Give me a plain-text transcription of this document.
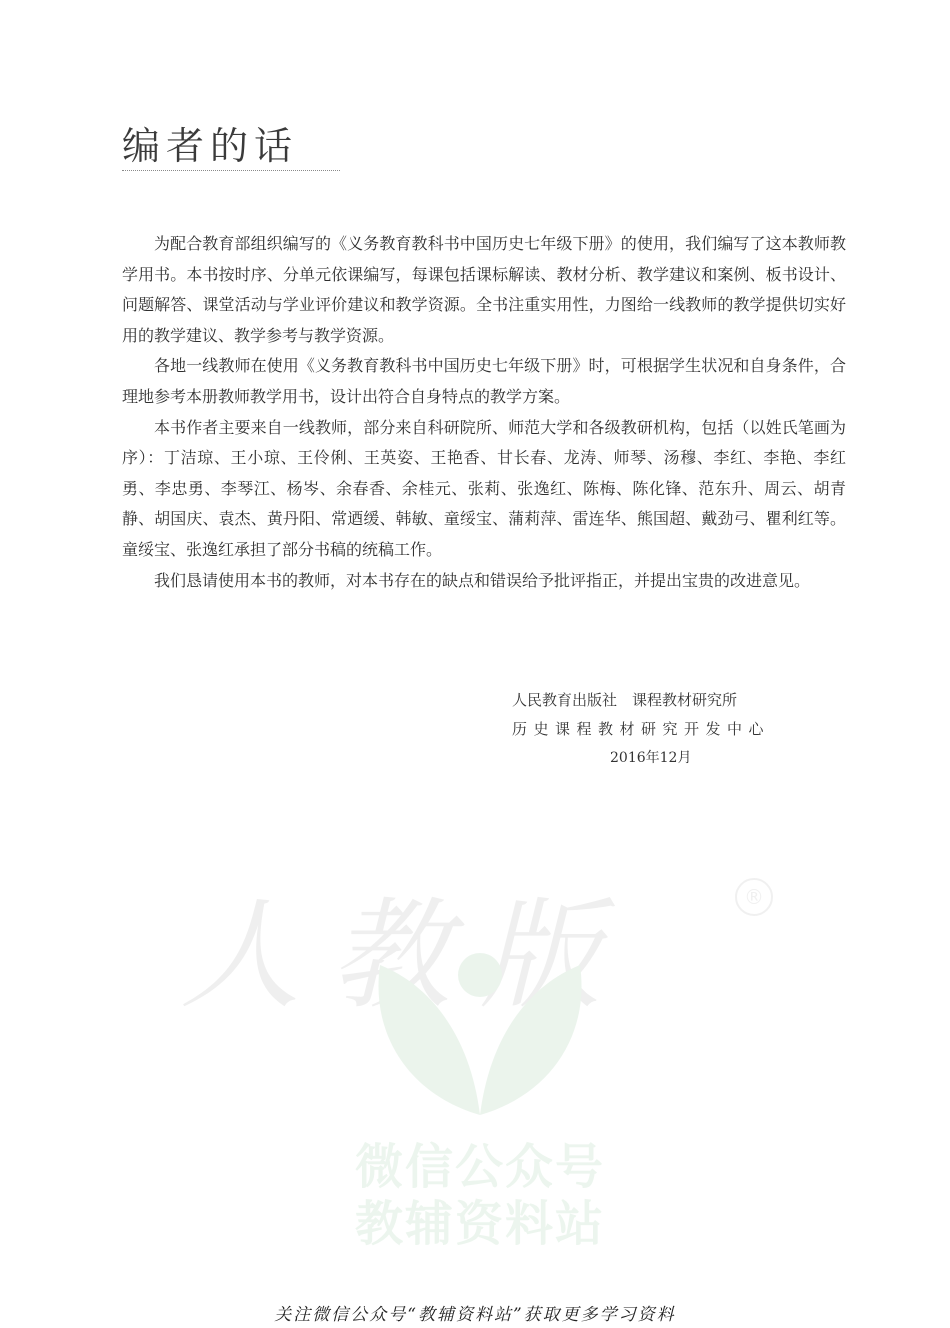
编者的话
人教版	®
微信公众号
教辅资料站

为配合教育部组织编写的《义务教育教科书中国历史七年级下册》的使用，我们编写了这本教师教学用书。本书按时序、分单元依课编写，每课包括课标解读、教材分析、教学建议和案例、板书设计、问题解答、课堂活动与学业评价建议和教学资源。全书注重实用性，力图给一线教师的教学提供切实好用的教学建议、教学参考与教学资源。

各地一线教师在使用《义务教育教科书中国历史七年级下册》时，可根据学生状况和自身条件，合理地参考本册教师教学用书，设计出符合自身特点的教学方案。

本书作者主要来自一线教师，部分来自科研院所、师范大学和各级教研机构，包括（以姓氏笔画为序）：丁洁琼、王小琼、王伶俐、王英姿、王艳香、甘长春、龙涛、师琴、汤穆、李红、李艳、李红勇、李忠勇、李琴江、杨岑、余春香、余桂元、张莉、张逸红、陈梅、陈化锋、范东升、周云、胡青静、胡国庆、袁杰、黄丹阳、常迺缓、韩敏、童绥宝、蒲莉萍、雷连华、熊国超、戴劲弓、瞿利红等。童绥宝、张逸红承担了部分书稿的统稿工作。

我们恳请使用本书的教师，对本书存在的缺点和错误给予批评指正，并提出宝贵的改进意见。

人民教育出版社　课程教材研究所
历史课程教材研究开发中心
2016年12月
关注微信公众号“教辅资料站”获取更多学习资料
